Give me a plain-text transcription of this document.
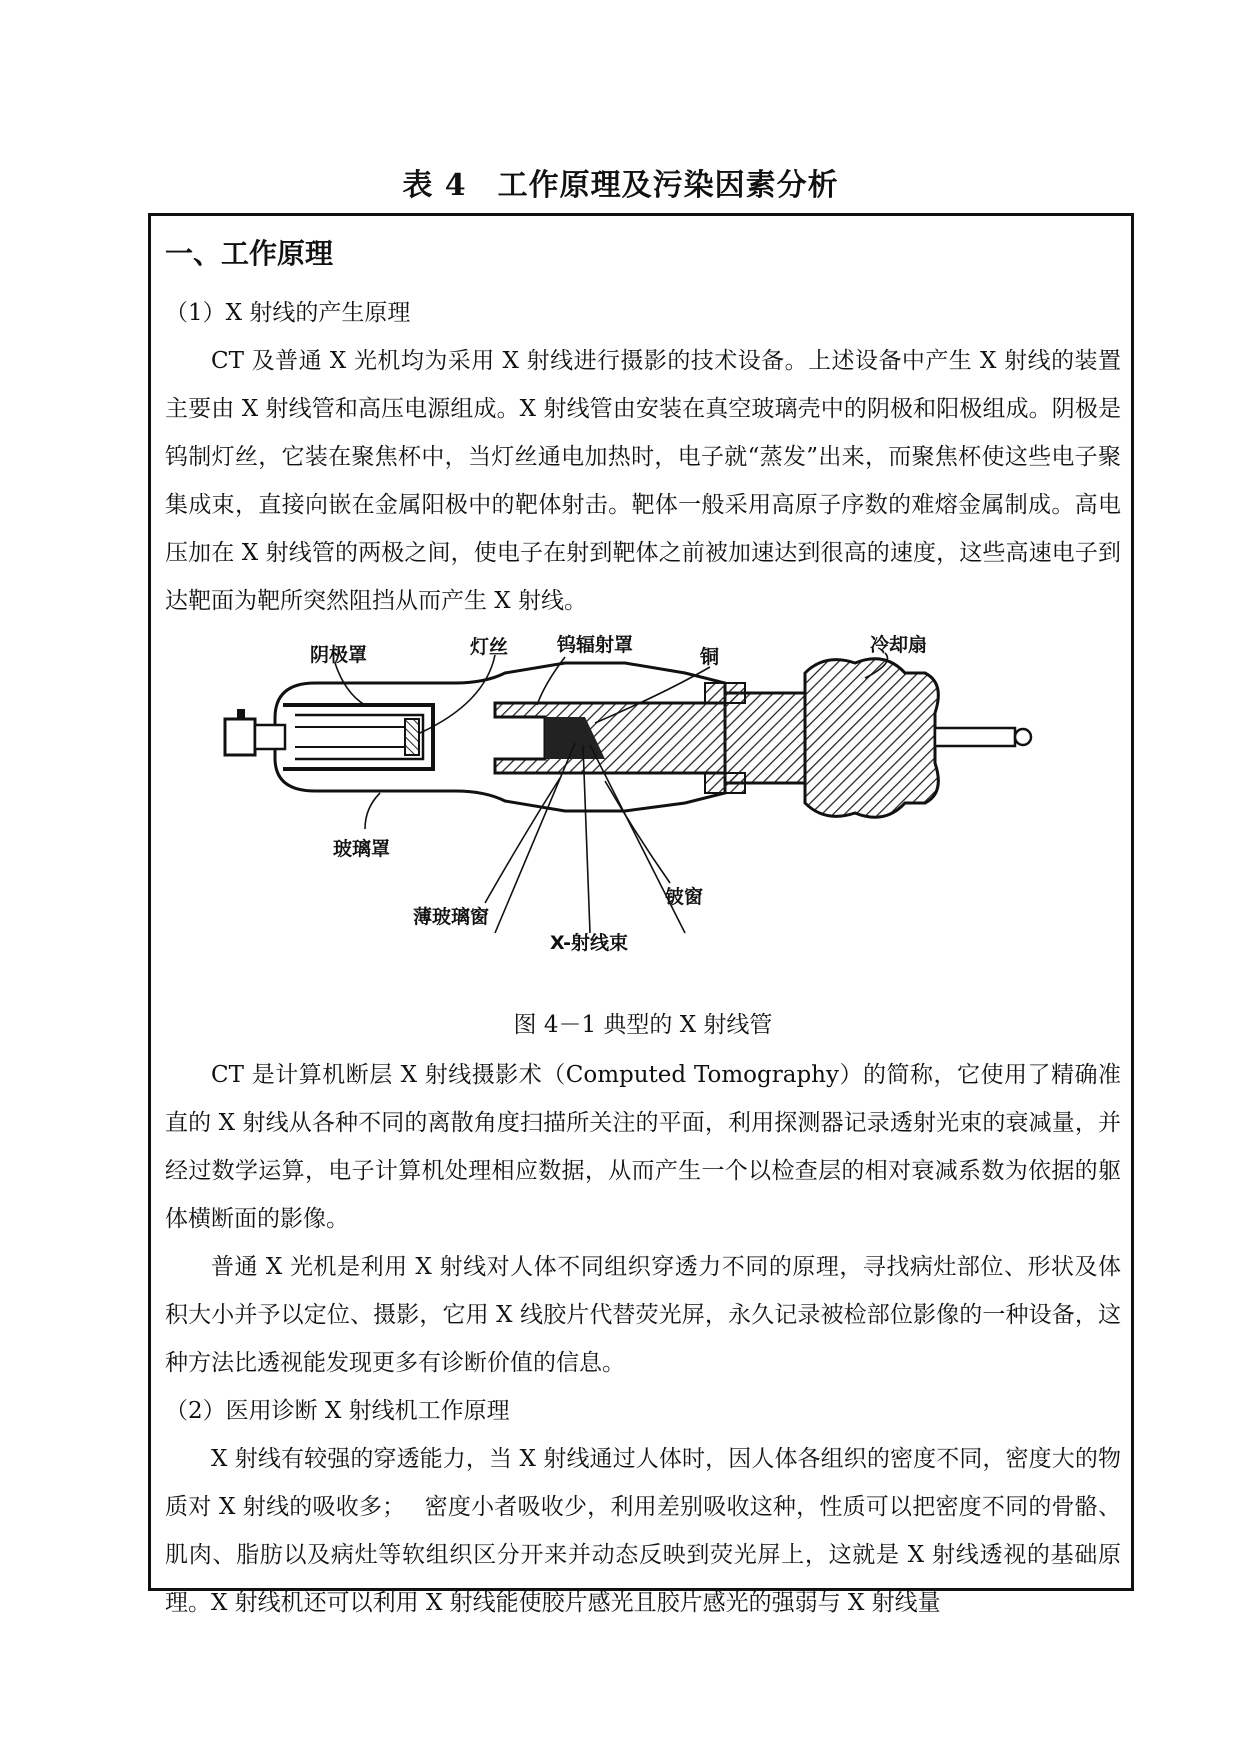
表 4　工作原理及污染因素分析
一、工作原理
（1）X 射线的产生原理

CT 及普通 X 光机均为采用 X 射线进行摄影的技术设备。上述设备中产生 X 射线的装置主要由 X 射线管和高压电源组成。X 射线管由安装在真空玻璃壳中的阴极和阳极组成。阴极是钨制灯丝，它装在聚焦杯中，当灯丝通电加热时，电子就“蒸发”出来，而聚焦杯使这些电子聚集成束，直接向嵌在金属阳极中的靶体射击。靶体一般采用高原子序数的难熔金属制成。高电压加在 X 射线管的两极之间，使电子在射到靶体之前被加速达到很高的速度，这些高速电子到达靶面为靶所突然阻挡从而产生 X 射线。

阴极罩	灯丝	钨辐射罩
铜
冷却扇
玻璃罩
薄玻璃窗
X-射线束
铍窗
图 4－1 典型的 X 射线管

CT 是计算机断层 X 射线摄影术（Computed Tomography）的简称，它使用了精确准直的 X 射线从各种不同的离散角度扫描所关注的平面，利用探测器记录透射光束的衰减量，并经过数学运算，电子计算机处理相应数据，从而产生一个以检查层的相对衰减系数为依据的躯体横断面的影像。

普通 X 光机是利用 X 射线对人体不同组织穿透力不同的原理，寻找病灶部位、形状及体积大小并予以定位、摄影，它用 X 线胶片代替荧光屏，永久记录被检部位影像的一种设备，这种方法比透视能发现更多有诊断价值的信息。

（2）医用诊断 X 射线机工作原理

X 射线有较强的穿透能力，当 X 射线通过人体时，因人体各组织的密度不同，密度大的物质对 X 射线的吸收多；　 密度小者吸收少，利用差别吸收这种，性质可以把密度不同的骨骼、肌肉、脂肪以及病灶等软组织区分开来并动态反映到荧光屏上，这就是 X 射线透视的基础原理。X 射线机还可以利用 X 射线能使胶片感光且胶片感光的强弱与 X 射线量
